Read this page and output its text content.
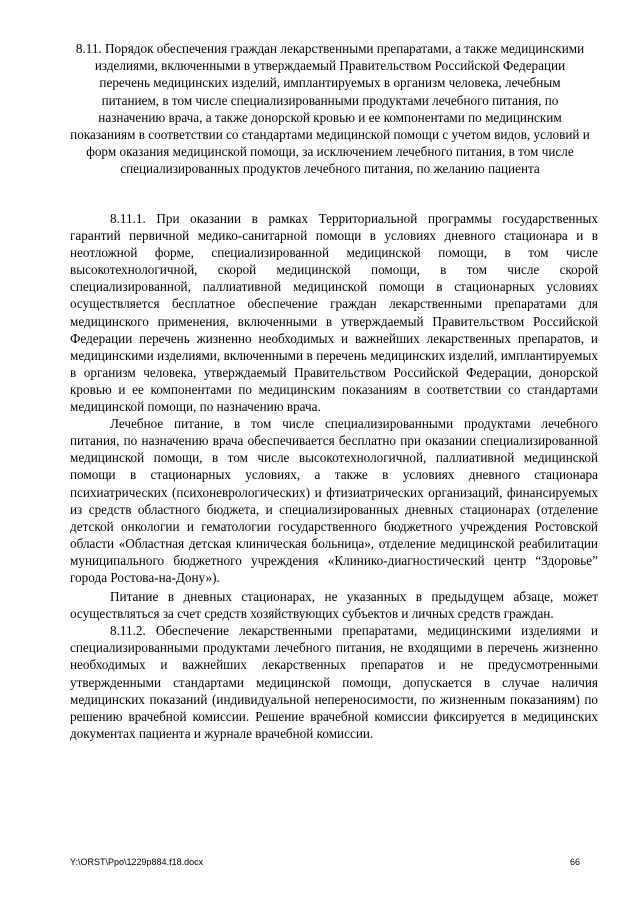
8.11. Порядок обеспечения граждан лекарственными препаратами, а также медицинскими изделиями, включенными в утверждаемый Правительством Российской Федерации перечень медицинских изделий, имплантируемых в организм человека, лечебным питанием, в том числе специализированными продуктами лечебного питания, по назначению врача, а также донорской кровью и ее компонентами по медицинским показаниям в соответствии со стандартами медицинской помощи с учетом видов, условий и форм оказания медицинской помощи, за исключением лечебного питания, в том числе специализированных продуктов лечебного питания, по желанию пациента

8.11.1. При оказании в рамках Территориальной программы государственных гарантий первичной медико-санитарной помощи в условиях дневного стационара и в неотложной форме, специализированной медицинской помощи, в том числе высокотехнологичной, скорой медицинской помощи, в том числе скорой специализированной, паллиативной медицинской помощи в стационарных условиях осуществляется бесплатное обеспечение граждан лекарственными препаратами для медицинского применения, включенными в утверждаемый Правительством Российской Федерации перечень жизненно необходимых и важнейших лекарственных препаратов, и медицинскими изделиями, включенными в перечень медицинских изделий, имплантируемых в организм человека, утверждаемый Правительством Российской Федерации, донорской кровью и ее компонентами по медицинским показаниям в соответствии со стандартами медицинской помощи, по назначению врача.

Лечебное питание, в том числе специализированными продуктами лечебного питания, по назначению врача обеспечивается бесплатно при оказании специализированной медицинской помощи, в том числе высокотехнологичной, паллиативной медицинской помощи в стационарных условиях, а также в условиях дневного стационара психиатрических (психоневрологических) и фтизиатрических организаций, финансируемых из средств областного бюджета, и специализированных дневных стационарах (отделение детской онкологии и гематологии государственного бюджетного учреждения Ростовской области «Областная детская клиническая больница», отделение медицинской реабилитации муниципального бюджетного учреждения «Клинико-диагностический центр “Здоровье” города Ростова-на-Дону»).

Питание в дневных стационарах, не указанных в предыдущем абзаце, может осуществляться за счет средств хозяйствующих субъектов и личных средств граждан.

8.11.2. Обеспечение лекарственными препаратами, медицинскими изделиями и специализированными продуктами лечебного питания, не входящими в перечень жизненно необходимых и важнейших лекарственных препаратов и не предусмотренными утвержденными стандартами медицинской помощи, допускается в случае наличия медицинских показаний (индивидуальной непереносимости, по жизненным показаниям) по решению врачебной комиссии. Решение врачебной комиссии фиксируется в медицинских документах пациента и журнале врачебной комиссии.

Y:\ORST\Ppo\1229p884.f18.docx	66
